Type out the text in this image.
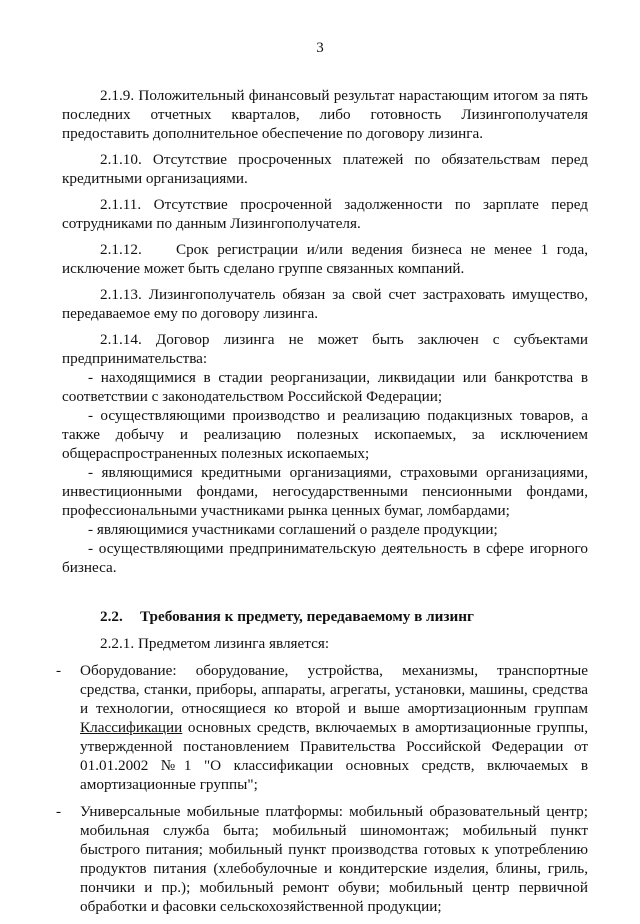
3

2.1.9. Положительный финансовый результат нарастающим итогом за пять последних отчетных кварталов, либо готовность Лизингополучателя предоставить дополнительное обеспечение по договору лизинга.

2.1.10. Отсутствие просроченных платежей по обязательствам перед кредитными организациями.

2.1.11. Отсутствие просроченной задолженности по зарплате перед сотрудниками по данным Лизингополучателя.

2.1.12.    Срок регистрации и/или ведения бизнеса не менее 1 года, исключение может быть сделано группе связанных компаний.

2.1.13. Лизингополучатель обязан за свой счет застраховать имущество, передаваемое ему по договору лизинга.

2.1.14. Договор лизинга не может быть заключен с субъектами предпринимательства:

- находящимися в стадии реорганизации, ликвидации или банкротства в соответствии с законодательством Российской Федерации;

- осуществляющими производство и реализацию подакцизных товаров, а также добычу и реализацию полезных ископаемых, за исключением общераспространенных полезных ископаемых;

- являющимися кредитными организациями, страховыми организациями, инвестиционными фондами, негосударственными пенсионными фондами, профессиональными участниками рынка ценных бумаг, ломбардами;

- являющимися участниками соглашений о разделе продукции;

- осуществляющими предпринимательскую деятельность в сфере игорного бизнеса.

2.2. Требования к предмету, передаваемому в лизинг

2.2.1. Предметом лизинга является:

- Оборудование: оборудование, устройства, механизмы, транспортные средства, станки, приборы, аппараты, агрегаты, установки, машины, средства и технологии, относящиеся ко второй и выше амортизационным группам Классификации основных средств, включаемых в амортизационные группы, утвержденной постановлением Правительства Российской Федерации от 01.01.2002 №1 "О классификации основных средств, включаемых в амортизационные группы";
- Универсальные мобильные платформы: мобильный образовательный центр; мобильная служба быта; мобильный шиномонтаж; мобильный пункт быстрого питания; мобильный пункт производства готовых к употреблению продуктов питания (хлебобулочные и кондитерские изделия, блины, гриль, пончики и пр.); мобильный ремонт обуви; мобильный центр первичной обработки и фасовки сельскохозяйственной продукции;
